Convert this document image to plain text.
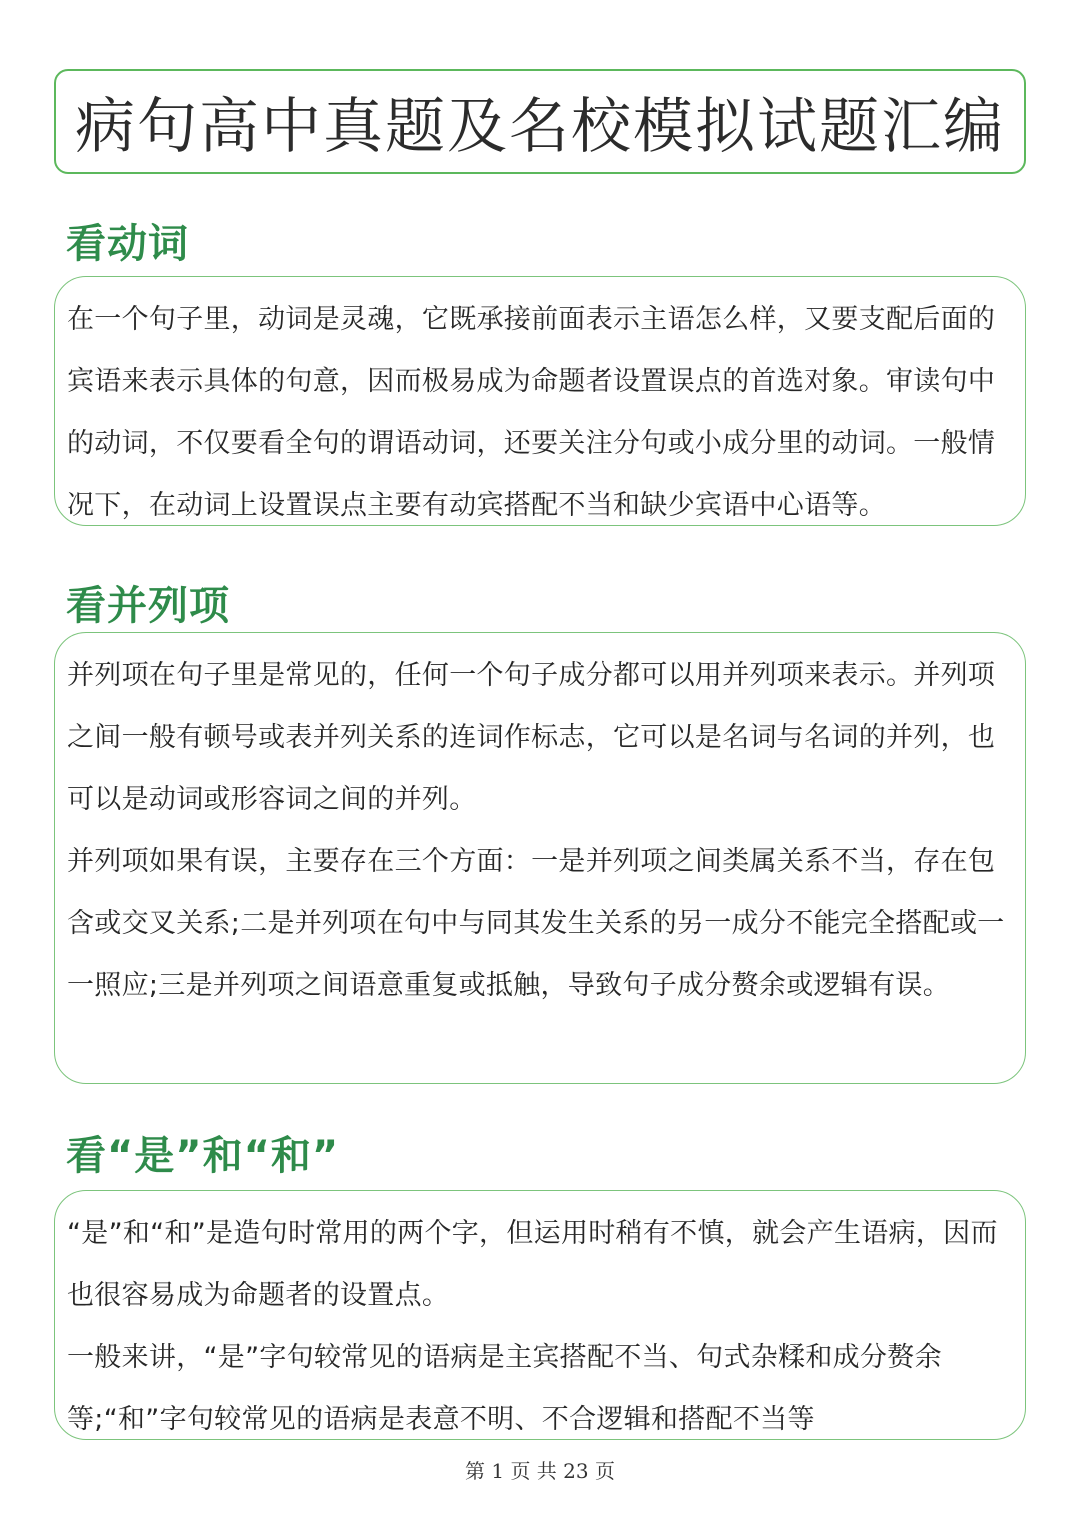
病句高中真题及名校模拟试题汇编
看动词

在一个句子里，动词是灵魂，它既承接前面表示主语怎么样，又要支配后面的宾语来表示具体的句意，因而极易成为命题者设置误点的首选对象。审读句中的动词，不仅要看全句的谓语动词，还要关注分句或小成分里的动词。一般情况下，在动词上设置误点主要有动宾搭配不当和缺少宾语中心语等。

看并列项

并列项在句子里是常见的，任何一个句子成分都可以用并列项来表示。并列项之间一般有顿号或表并列关系的连词作标志，它可以是名词与名词的并列，也可以是动词或形容词之间的并列。

并列项如果有误，主要存在三个方面：一是并列项之间类属关系不当，存在包含或交叉关系;二是并列项在句中与同其发生关系的另一成分不能完全搭配或一一照应;三是并列项之间语意重复或抵触，导致句子成分赘余或逻辑有误。

看“是”和“和”

“是”和“和”是造句时常用的两个字，但运用时稍有不慎，就会产生语病，因而也很容易成为命题者的设置点。

一般来讲，“是”字句较常见的语病是主宾搭配不当、句式杂糅和成分赘余等;“和”字句较常见的语病是表意不明、不合逻辑和搭配不当等

第 1 页 共 23 页
